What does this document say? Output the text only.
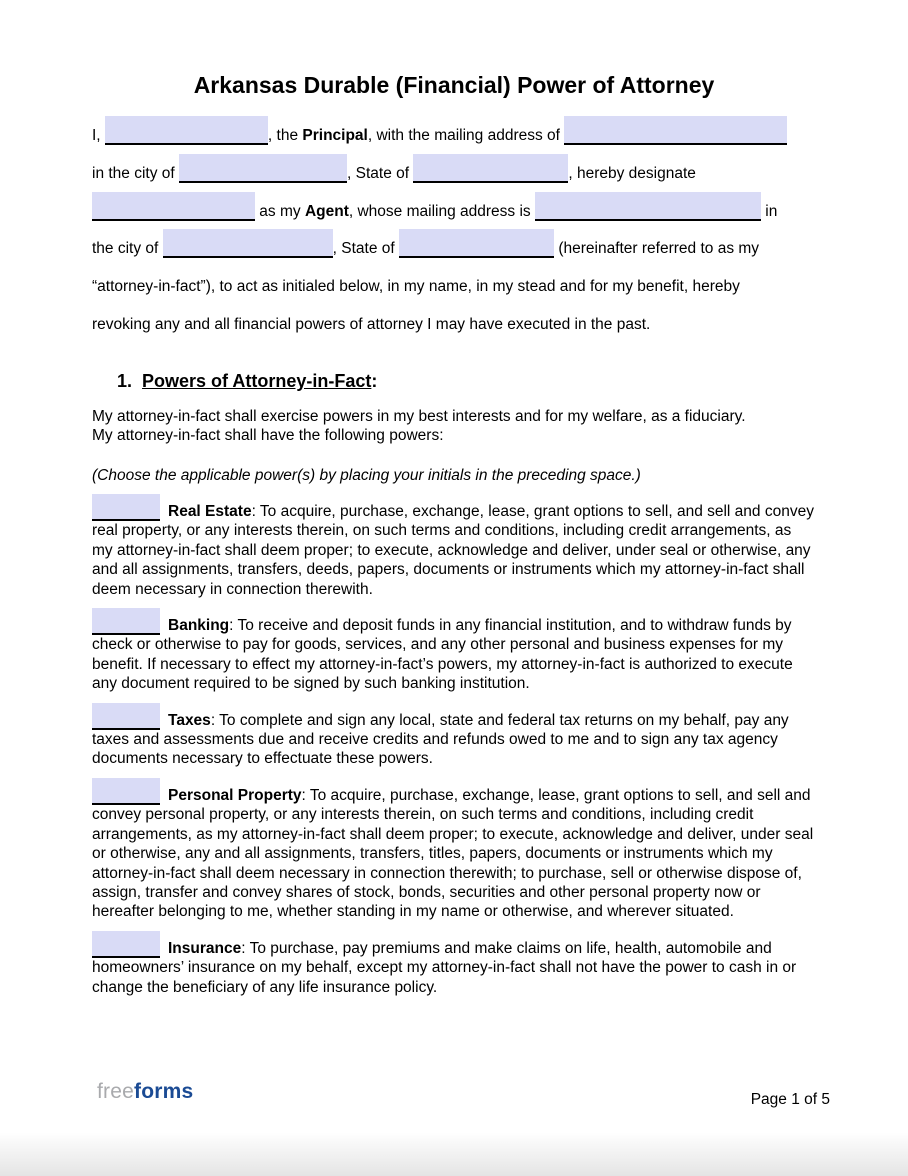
Arkansas Durable (Financial) Power of Attorney
I,	, the Principal, with the mailing address of
in the city of	, State of	, hereby designate
as my Agent, whose mailing address is	in
the city of	, State of	(hereinafter referred to as my
“attorney-in-fact”), to act as initialed below, in my name, in my stead and for my benefit, hereby
revoking any and all financial powers of attorney I may have executed in the past.
1. Powers of Attorney-in-Fact:
My attorney-in-fact shall exercise powers in my best interests and for my welfare, as a fiduciary.
My attorney-in-fact shall have the following powers:
(Choose the applicable power(s) by placing your initials in the preceding space.)

Real Estate: To acquire, purchase, exchange, lease, grant options to sell, and sell and convey real property, or any interests therein, on such terms and conditions, including credit arrangements, as my attorney-in-fact shall deem proper; to execute, acknowledge and deliver, under seal or otherwise, any and all assignments, transfers, deeds, papers, documents or instruments which my attorney-in-fact shall deem necessary in connection therewith.

Banking: To receive and deposit funds in any financial institution, and to withdraw funds by check or otherwise to pay for goods, services, and any other personal and business expenses for my benefit. If necessary to effect my attorney-in-fact’s powers, my attorney-in-fact is authorized to execute any document required to be signed by such banking institution.

Taxes: To complete and sign any local, state and federal tax returns on my behalf, pay any taxes and assessments due and receive credits and refunds owed to me and to sign any tax agency documents necessary to effectuate these powers.

Personal Property: To acquire, purchase, exchange, lease, grant options to sell, and sell and convey personal property, or any interests therein, on such terms and conditions, including credit arrangements, as my attorney-in-fact shall deem proper; to execute, acknowledge and deliver, under seal or otherwise, any and all assignments, transfers, titles, papers, documents or instruments which my attorney-in-fact shall deem necessary in connection therewith; to purchase, sell or otherwise dispose of, assign, transfer and convey shares of stock, bonds, securities and other personal property now or hereafter belonging to me, whether standing in my name or otherwise, and wherever situated.

Insurance: To purchase, pay premiums and make claims on life, health, automobile and homeowners’ insurance on my behalf, except my attorney-in-fact shall not have the power to cash in or change the beneficiary of any life insurance policy.

freeforms	Page 1 of 5
